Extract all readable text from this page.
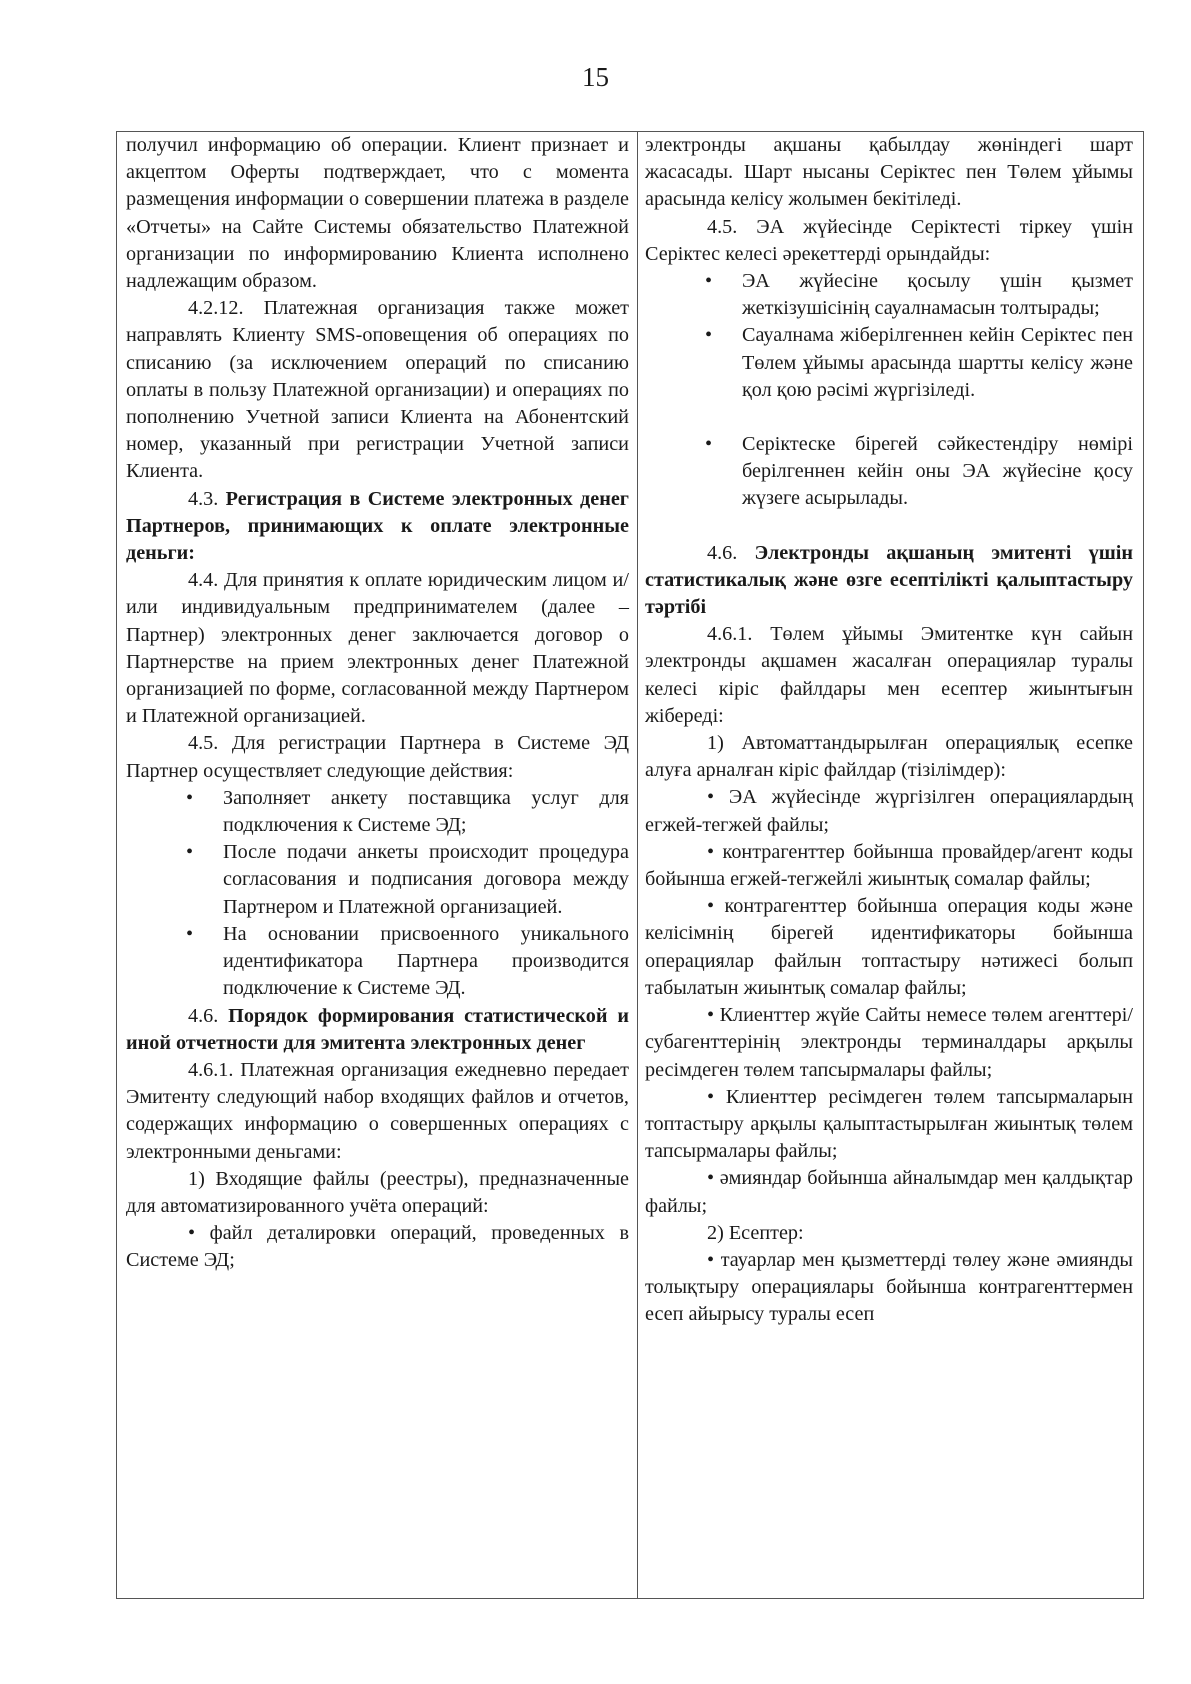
15

получил информацию об операции. Клиент признает и акцептом Оферты подтверждает, что с момента размещения информации о совершении платежа в разделе «Отчеты» на Сайте Системы обязательство Платежной организации по информированию Клиента исполнено надлежащим образом.

4.2.12. Платежная организация также может направлять Клиенту SMS-оповещения об операциях по списанию (за исключением операций по списанию оплаты в пользу Платежной организации) и операциях по пополнению Учетной записи Клиента на Абонентский номер, указанный при регистрации Учетной записи Клиента.

4.3. Регистрация в Системе электронных денег Партнеров, принимающих к оплате электронные деньги:

4.4. Для принятия к оплате юридическим лицом и/или индивидуальным предпринимателем (далее – Партнер) электронных денег заключается договор о Партнерстве на прием электронных денег Платежной организацией по форме, согласованной между Партнером и Платежной организацией.

4.5. Для регистрации Партнера в Системе ЭД Партнер осуществляет следующие действия:

• Заполняет анкету поставщика услуг для подключения к Системе ЭД;
• После подачи анкеты происходит процедура согласования и подписания договора между Партнером и Платежной организацией.
• На основании присвоенного уникального идентификатора Партнера производится подключение к Системе ЭД.

4.6. Порядок формирования статистической и иной отчетности для эмитента электронных денег

4.6.1. Платежная организация ежедневно передает Эмитенту следующий набор входящих файлов и отчетов, содержащих информацию о совершенных операциях с электронными деньгами:

1) Входящие файлы (реестры), предназначенные для автоматизированного учёта операций:

• файл деталировки операций, проведенных в Системе ЭД;

электронды ақшаны қабылдау жөніндегі шарт жасасады. Шарт нысаны Серіктес пен Төлем ұйымы арасында келісу жолымен бекітіледі.

4.5. ЭА жүйесінде Серіктесті тіркеу үшін Серіктес келесі әрекеттерді орындайды:

• ЭА жүйесіне қосылу үшін қызмет жеткізушісінің сауалнамасын толтырады;
• Сауалнама жіберілгеннен кейін Серіктес пен Төлем ұйымы арасында шартты келісу және қол қою рәсімі жүргізіледі.
• Серіктеске бірегей сәйкестендіру нөмірі берілгеннен кейін оны ЭА жүйесіне қосу жүзеге асырылады.

4.6. Электронды ақшаның эмитенті үшін статистикалық және өзге есептілікті қалыптастыру тәртібі

4.6.1. Төлем ұйымы Эмитентке күн сайын электронды ақшамен жасалған операциялар туралы келесі кіріс файлдары мен есептер жиынтығын жібереді:

1) Автоматтандырылған операциялық есепке алуға арналған кіріс файлдар (тізілімдер):

• ЭА жүйесінде жүргізілген операциялардың егжей-тегжей файлы;

• контрагенттер бойынша провайдер/агент коды бойынша егжей-тегжейлі жиынтық сомалар файлы;

• контрагенттер бойынша операция коды және келісімнің бірегей идентификаторы бойынша операциялар файлын топтастыру нәтижесі болып табылатын жиынтық сомалар файлы;

• Клиенттер жүйе Сайты немесе төлем агенттері/субагенттерінің электронды терминалдары арқылы ресімдеген төлем тапсырмалары файлы;

• Клиенттер ресімдеген төлем тапсырмаларын топтастыру арқылы қалыптастырылған жиынтық төлем тапсырмалары файлы;

• әмияндар бойынша айналымдар мен қалдықтар файлы;

2) Есептер:

• тауарлар мен қызметтерді төлеу және әмиянды толықтыру операциялары бойынша контрагенттермен есеп айырысу туралы есеп
